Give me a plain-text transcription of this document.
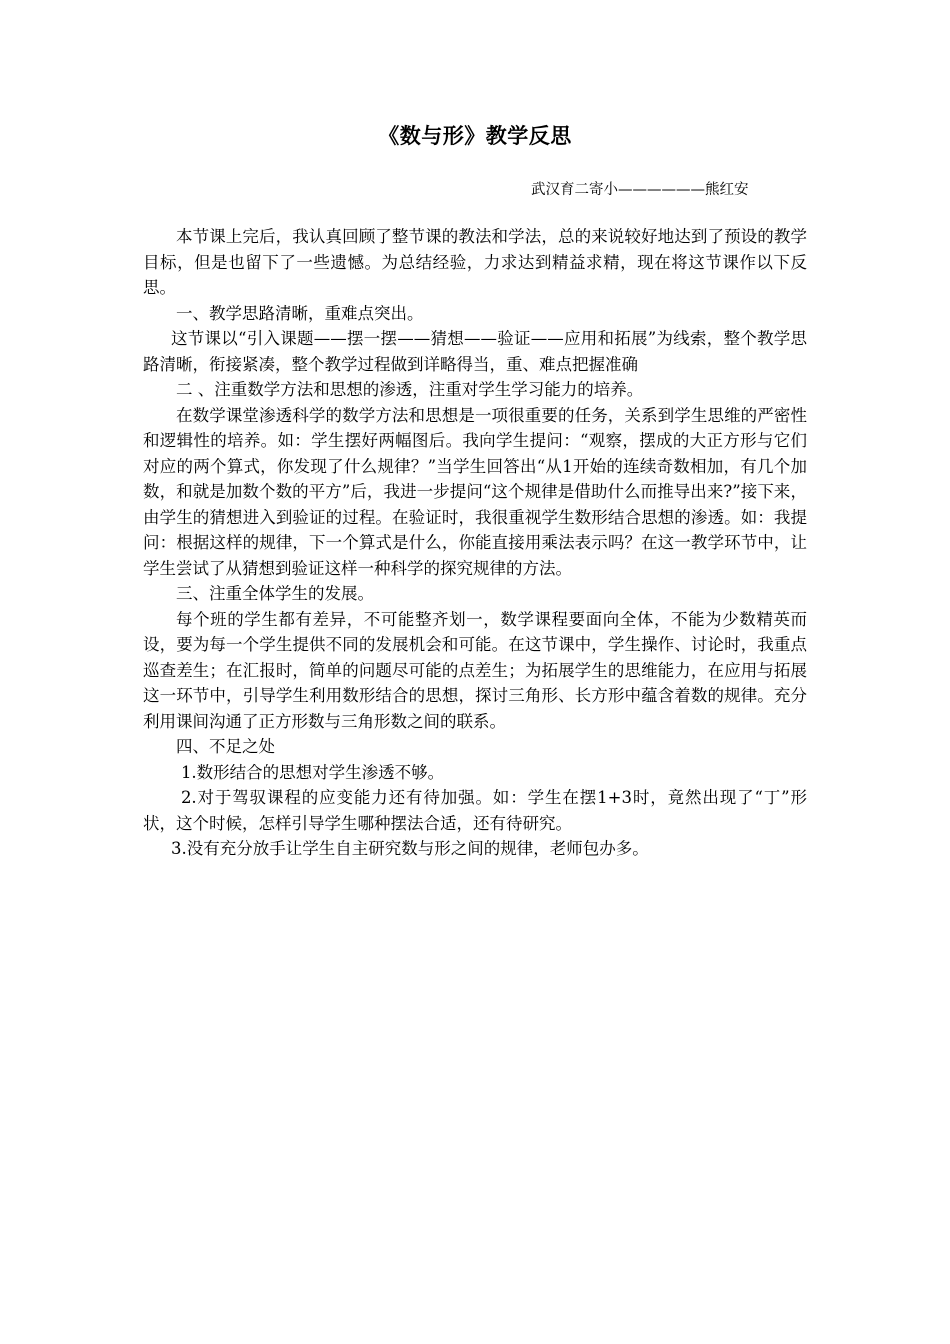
《数与形》教学反思
武汉育二寄小——————熊红安

本节课上完后，我认真回顾了整节课的教法和学法，总的来说较好地达到了预设的教学目标，但是也留下了一些遗憾。为总结经验，力求达到精益求精，现在将这节课作以下反思。

一、教学思路清晰，重难点突出。

这节课以“引入课题——摆一摆——猜想——验证——应用和拓展”为线索，整个教学思路清晰，衔接紧凑，整个教学过程做到详略得当，重、难点把握准确

二 、注重数学方法和思想的渗透，注重对学生学习能力的培养。

在数学课堂渗透科学的数学方法和思想是一项很重要的任务，关系到学生思维的严密性和逻辑性的培养。如：学生摆好两幅图后。我向学生提问：“观察，摆成的大正方形与它们对应的两个算式，你发现了什么规律？”当学生回答出“从1开始的连续奇数相加，有几个加数，和就是加数个数的平方”后，我进一步提问“这个规律是借助什么而推导出来?”接下来，由学生的猜想进入到验证的过程。在验证时，我很重视学生数形结合思想的渗透。如：我提问：根据这样的规律，下一个算式是什么，你能直接用乘法表示吗？在这一教学环节中，让学生尝试了从猜想到验证这样一种科学的探究规律的方法。

三、注重全体学生的发展。

每个班的学生都有差异，不可能整齐划一，数学课程要面向全体，不能为少数精英而设，要为每一个学生提供不同的发展机会和可能。在这节课中，学生操作、讨论时，我重点巡查差生；在汇报时，简单的问题尽可能的点差生；为拓展学生的思维能力，在应用与拓展这一环节中，引导学生利用数形结合的思想，探讨三角形、长方形中蕴含着数的规律。充分利用课间沟通了正方形数与三角形数之间的联系。

四、不足之处

1.数形结合的思想对学生渗透不够。

2.对于驾驭课程的应变能力还有待加强。如：学生在摆1+3时，竟然出现了“丁”形状，这个时候，怎样引导学生哪种摆法合适，还有待研究。

3.没有充分放手让学生自主研究数与形之间的规律，老师包办多。
